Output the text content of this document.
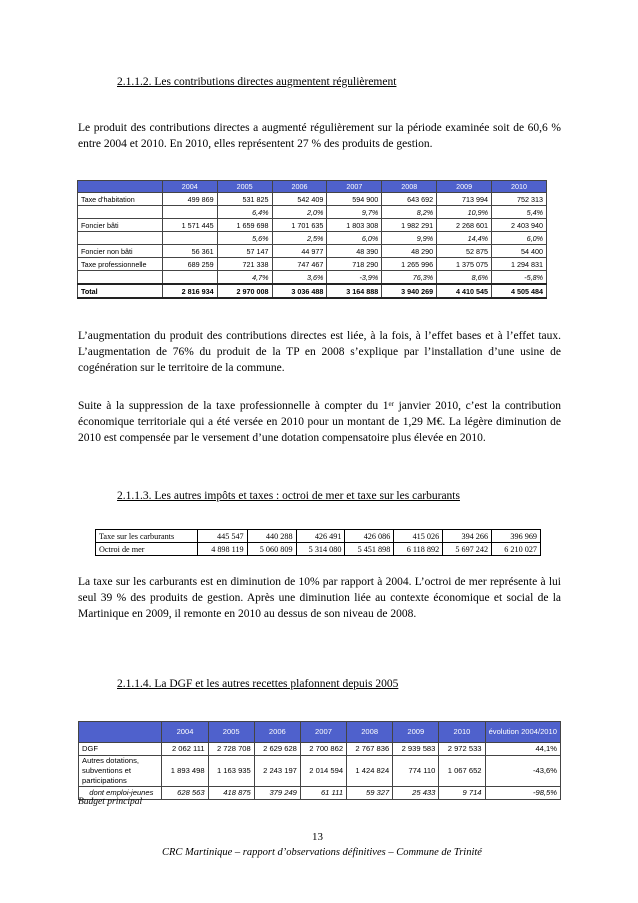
2.1.1.2. Les contributions directes augmentent régulièrement
Le produit des contributions directes a augmenté régulièrement sur la période examinée soit de 60,6 % entre 2004 et 2010. En 2010, elles représentent 27 % des produits de gestion.
	2004	2005	2006	2007	2008	2009	2010
Taxe d'habitation	499 869	531 825	542 409	594 900	643 692	713 994	752 313
		6,4%	2,0%	9,7%	8,2%	10,9%	5,4%
Foncier bâti	1 571 445	1 659 698	1 701 635	1 803 308	1 982 291	2 268 601	2 403 940
		5,6%	2,5%	6,0%	9,9%	14,4%	6,0%
Foncier non bâti	56 361	57 147	44 977	48 390	48 290	52 875	54 400
Taxe professionnelle	689 259	721 338	747 467	718 290	1 265 996	1 375 075	1 294 831
		4,7%	3,6%	-3,9%	76,3%	8,6%	-5,8%
Total	2 816 934	2 970 008	3 036 488	3 164 888	3 940 269	4 410 545	4 505 484
L’augmentation du produit des contributions directes est liée, à la fois, à l’effet bases et à l’effet taux. L’augmentation de 76% du produit de la TP en 2008 s’explique par l’installation d’une usine de cogénération sur le territoire de la commune.
Suite à la suppression de la taxe professionnelle à compter du 1er janvier 2010, c’est la contribution économique territoriale qui a été versée en 2010 pour un montant de 1,29 M€. La légère diminution de 2010 est compensée par le versement d’une dotation compensatoire plus élevée en 2010.
2.1.1.3. Les autres impôts et taxes : octroi de mer et taxe sur les carburants
Taxe sur les carburants	445 547	440 288	426 491	426 086	415 026	394 266	396 969
Octroi de mer	4 898 119	5 060 809	5 314 080	5 451 898	6 118 892	5 697 242	6 210 027
La taxe sur les carburants est en diminution de 10% par rapport à 2004. L’octroi de mer représente à lui seul 39 % des produits de gestion. Après une diminution liée au contexte économique et social de la Martinique en 2009, il remonte en 2010 au dessus de son niveau de 2008.
2.1.1.4. La DGF et les autres recettes plafonnent depuis 2005
	2004	2005	2006	2007	2008	2009	2010	évolution 2004/2010
DGF	2 062 111	2 728 708	2 629 628	2 700 862	2 767 836	2 939 583	2 972 533	44,1%
Autres dotations, subventions et participations	1 893 498	1 163 935	2 243 197	2 014 594	1 424 824	774 110	1 067 652	-43,6%
dont emploi-jeunes	628 563	418 875	379 249	61 111	59 327	25 433	9 714	-98,5%
Budget principal
13
CRC Martinique – rapport d’observations définitives – Commune de Trinité
